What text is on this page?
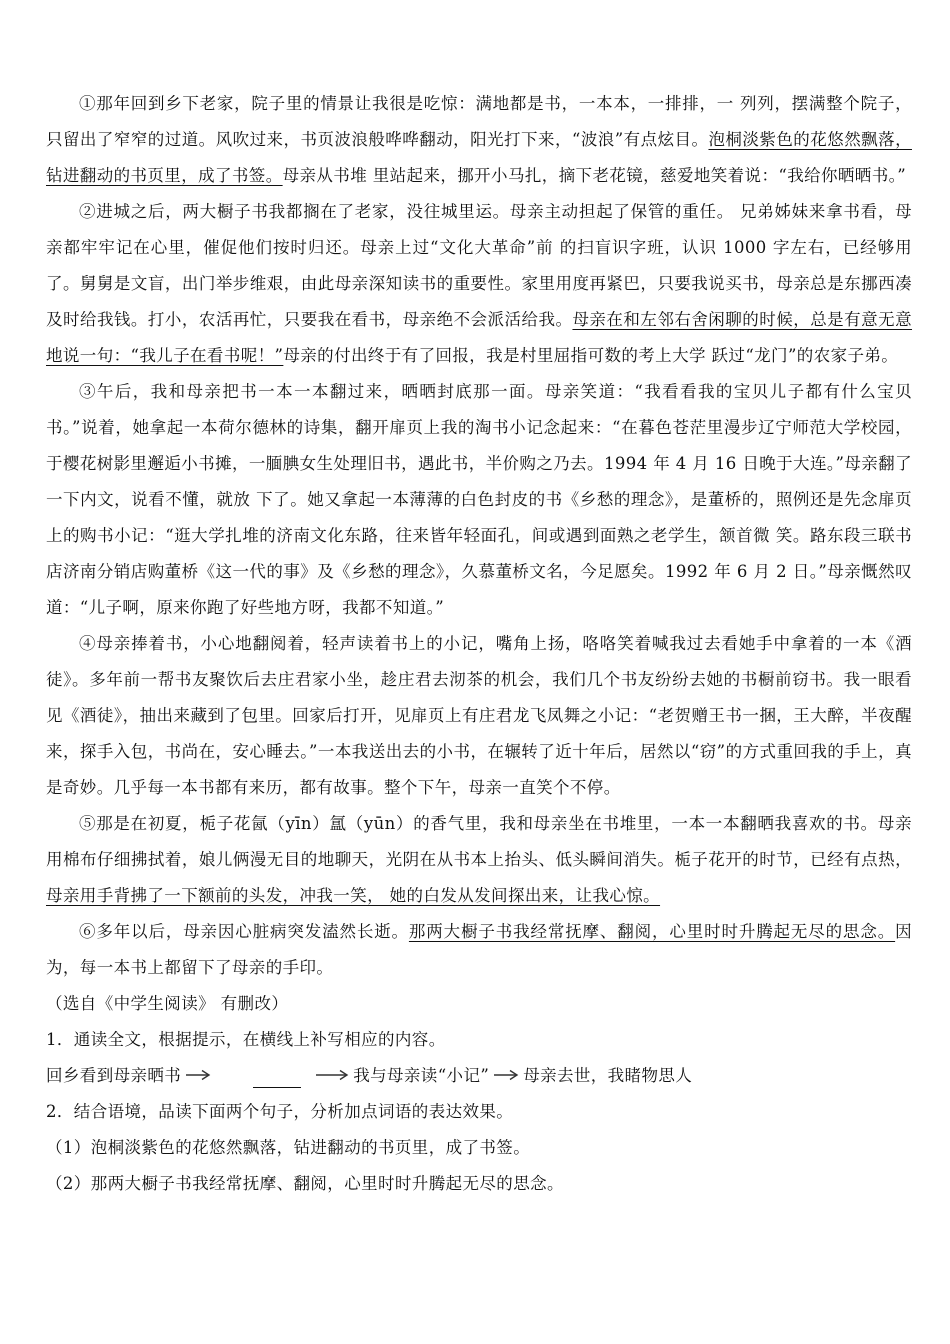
①那年回到乡下老家，院子里的情景让我很是吃惊：满地都是书，一本本，一排排，一 列列，摆满整个院子，只留出了窄窄的过道。风吹过来，书页波浪般哗哗翻动，阳光打下来，“波浪”有点炫目。泡桐淡紫色的花悠然飘落，钻进翻动的书页里，成了书签。母亲从书堆 里站起来，挪开小马扎，摘下老花镜，慈爱地笑着说：“我给你晒晒书。”

②进城之后，两大橱子书我都搁在了老家，没往城里运。母亲主动担起了保管的重任。 兄弟姊妹来拿书看，母亲都牢牢记在心里，催促他们按时归还。母亲上过“文化大革命”前 的扫盲识字班，认识 1000 字左右，已经够用了。舅舅是文盲，出门举步维艰，由此母亲深知读书的重要性。家里用度再紧巴，只要我说买书，母亲总是东挪西凑及时给我钱。打小，农活再忙，只要我在看书，母亲绝不会派活给我。母亲在和左邻右舍闲聊的时候，总是有意无意地说一句：“我儿子在看书呢！”母亲的付出终于有了回报，我是村里屈指可数的考上大学 跃过“龙门”的农家子弟。

③午后，我和母亲把书一本一本翻过来，晒晒封底那一面。母亲笑道：“我看看我的宝贝儿子都有什么宝贝书。”说着，她拿起一本荷尔德林的诗集，翻开扉页上我的淘书小记念起来：“在暮色苍茫里漫步辽宁师范大学校园，于樱花树影里邂逅小书摊，一腼腆女生处理旧书，遇此书，半价购之乃去。1994 年 4 月 16 日晚于大连。”母亲翻了一下内文，说看不懂，就放 下了。她又拿起一本薄薄的白色封皮的书《乡愁的理念》，是董桥的，照例还是先念扉页上的购书小记：“逛大学扎堆的济南文化东路，往来皆年轻面孔，间或遇到面熟之老学生，颔首微 笑。路东段三联书店济南分销店购董桥《这一代的事》及《乡愁的理念》，久慕董桥文名，今足愿矣。1992 年 6 月 2 日。”母亲慨然叹道：“儿子啊，原来你跑了好些地方呀，我都不知道。”

④母亲捧着书，小心地翻阅着，轻声读着书上的小记，嘴角上扬，咯咯笑着喊我过去看她手中拿着的一本《酒徒》。多年前一帮书友聚饮后去庄君家小坐，趁庄君去沏茶的机会，我们几个书友纷纷去她的书橱前窃书。我一眼看见《酒徒》，抽出来藏到了包里。回家后打开，见扉页上有庄君龙飞凤舞之小记：“老贺赠王书一捆，王大醉，半夜醒来，探手入包，书尚在，安心睡去。”一本我送出去的小书，在辗转了近十年后，居然以“窃”的方式重回我的手上，真是奇妙。几乎每一本书都有来历，都有故事。整个下午，母亲一直笑个不停。

⑤那是在初夏，栀子花氤（yīn）氲（yūn）的香气里，我和母亲坐在书堆里，一本一本翻晒我喜欢的书。母亲用棉布仔细拂拭着，娘儿俩漫无目的地聊天，光阴在从书本上抬头、低头瞬间消失。栀子花开的时节，已经有点热，母亲用手背拂了一下额前的头发，冲我一笑， 她的白发从发间探出来，让我心惊。

⑥多年以后，母亲因心脏病突发溘然长逝。那两大橱子书我经常抚摩、翻阅，心里时时升腾起无尽的思念。因为，每一本书上都留下了母亲的手印。

（选自《中学生阅读》 有删改）

1．通读全文，根据提示，在横线上补写相应的内容。

回乡看到母亲晒书	我与母亲读“小记” 母亲去世，我睹物思人

2．结合语境，品读下面两个句子，分析加点词语的表达效果。

（1）泡桐淡紫色的花悠然飘落，钻进翻动的书页里，成了书签。

（2）那两大橱子书我经常抚摩、翻阅，心里时时升腾起无尽的思念。
